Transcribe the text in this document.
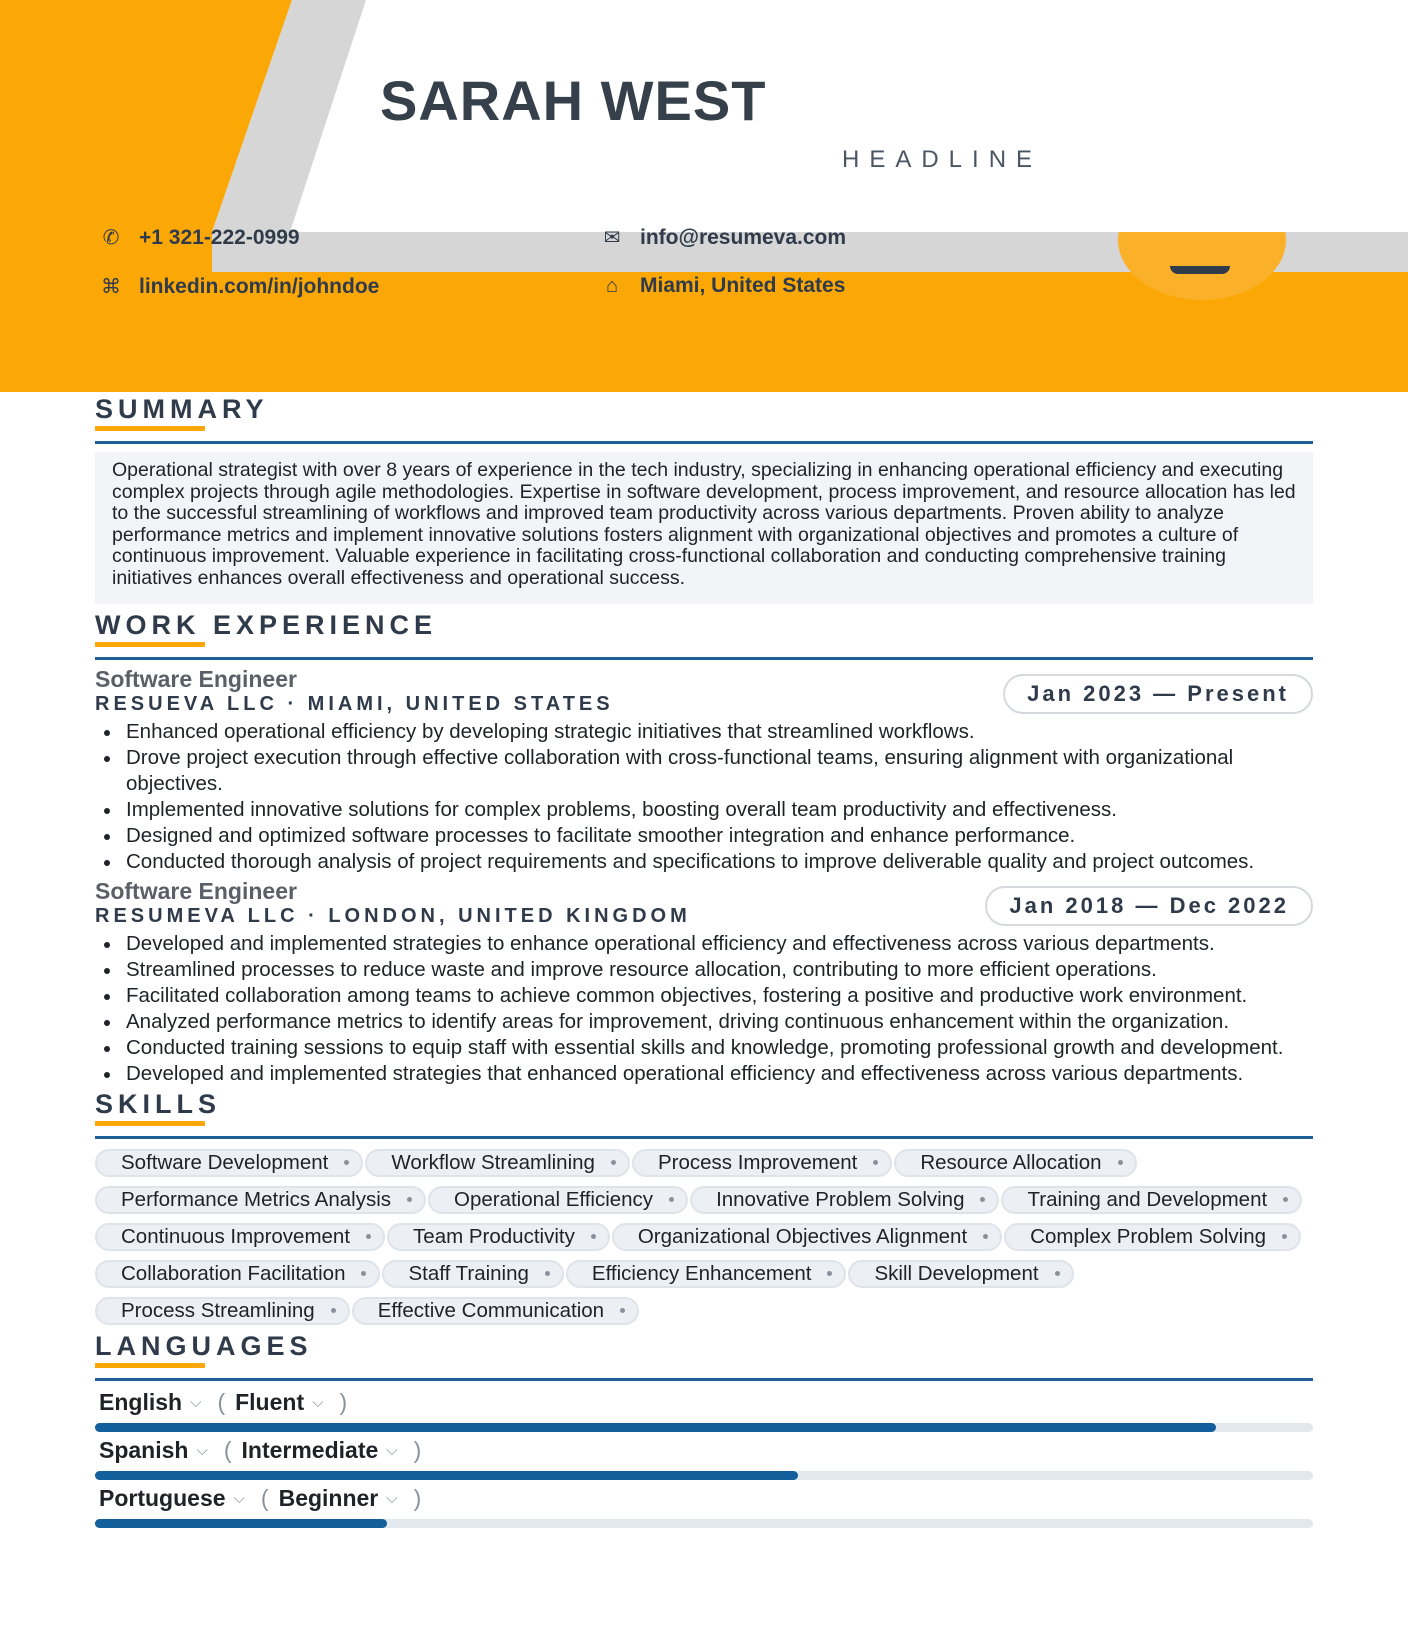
SARAH WEST
HEADLINE
✆ +1 321-222-0999	✉ info@resumeva.com
⌘ linkedin.com/in/johndoe	⌂	Miami, United States
SUMMARY
Operational strategist with over 8 years of experience in the tech industry, specializing in enhancing operational efficiency and executing complex projects through agile methodologies. Expertise in software development, process improvement, and resource allocation has led to the successful streamlining of workflows and improved team productivity across various departments. Proven ability to analyze performance metrics and implement innovative solutions fosters alignment with organizational objectives and promotes a culture of continuous improvement. Valuable experience in facilitating cross-functional collaboration and conducting comprehensive training initiatives enhances overall effectiveness and operational success.
WORK EXPERIENCE
Software Engineer
RESUEVA LLC · MIAMI, UNITED STATES	Jan 2023 — Present
Enhanced operational efficiency by developing strategic initiatives that streamlined workflows.
Drove project execution through effective collaboration with cross-functional teams, ensuring alignment with organizational objectives.
Implemented innovative solutions for complex problems, boosting overall team productivity and effectiveness.
Designed and optimized software processes to facilitate smoother integration and enhance performance.
Conducted thorough analysis of project requirements and specifications to improve deliverable quality and project outcomes.
Software Engineer
RESUMEVA LLC · LONDON, UNITED KINGDOM	Jan 2018 — Dec 2022
Developed and implemented strategies to enhance operational efficiency and effectiveness across various departments.
Streamlined processes to reduce waste and improve resource allocation, contributing to more efficient operations.
Facilitated collaboration among teams to achieve common objectives, fostering a positive and productive work environment.
Analyzed performance metrics to identify areas for improvement, driving continuous enhancement within the organization.
Conducted training sessions to equip staff with essential skills and knowledge, promoting professional growth and development.
Developed and implemented strategies that enhanced operational efficiency and effectiveness across various departments.
SKILLS
Software Development	Workflow Streamlining	Process Improvement	Resource Allocation
Performance Metrics Analysis	Operational Efficiency	Innovative Problem Solving	Training and Development
Continuous Improvement	Team Productivity	Organizational Objectives Alignment	Complex Problem Solving
Collaboration Facilitation	Staff Training	Efficiency Enhancement	Skill Development
Process Streamlining	Effective Communication
LANGUAGES
English ⌵ ( Fluent ⌵ )
Spanish ⌵ ( Intermediate ⌵ )
Portuguese ⌵ ( Beginner ⌵ )
